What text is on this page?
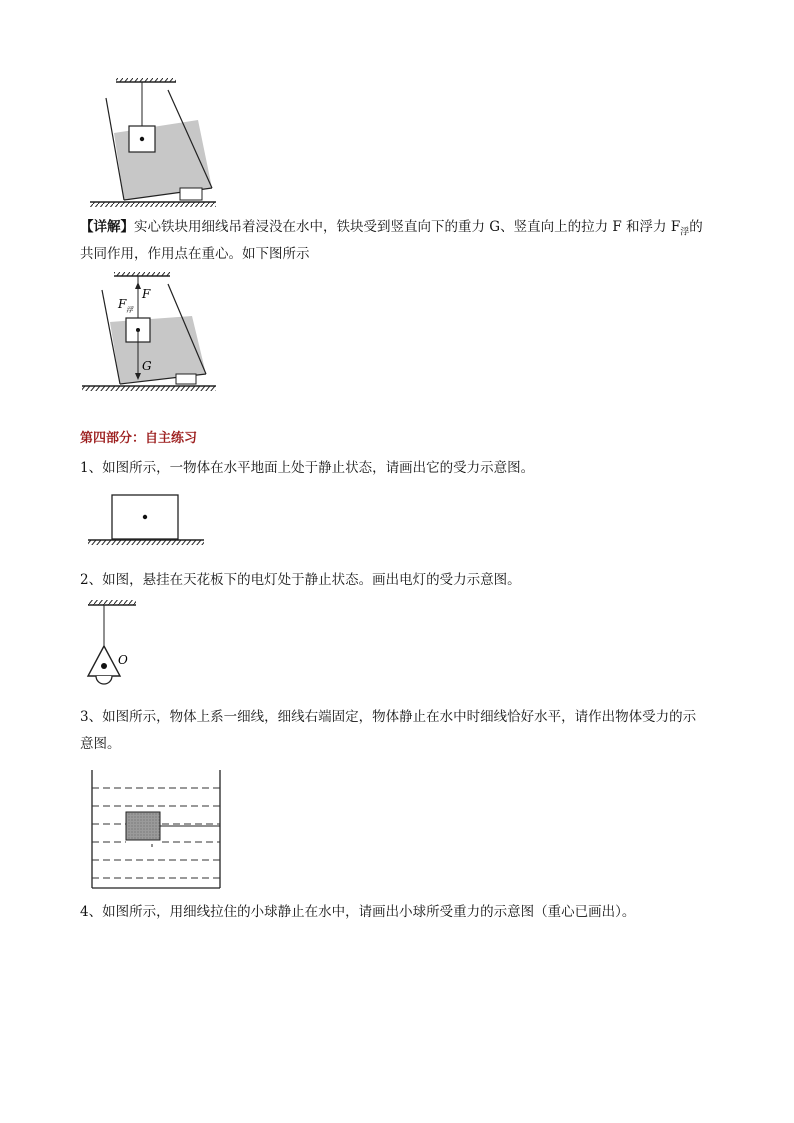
【详解】实心铁块用细线吊着浸没在水中，铁块受到竖直向下的重力 G、竖直向上的拉力 F 和浮力 $F_浮$的
共同作用，作用点在重心。如下图所示
F
F 浮
G
第四部分：自主练习
1、如图所示，一物体在水平地面上处于静止状态，请画出它的受力示意图。
2、如图，悬挂在天花板下的电灯处于静止状态。画出电灯的受力示意图。
O
3、如图所示，物体上系一细线，细线右端固定，物体静止在水中时细线恰好水平，请作出物体受力的示
意图。
4、如图所示，用细线拉住的小球静止在水中，请画出小球所受重力的示意图（重心已画出）。
